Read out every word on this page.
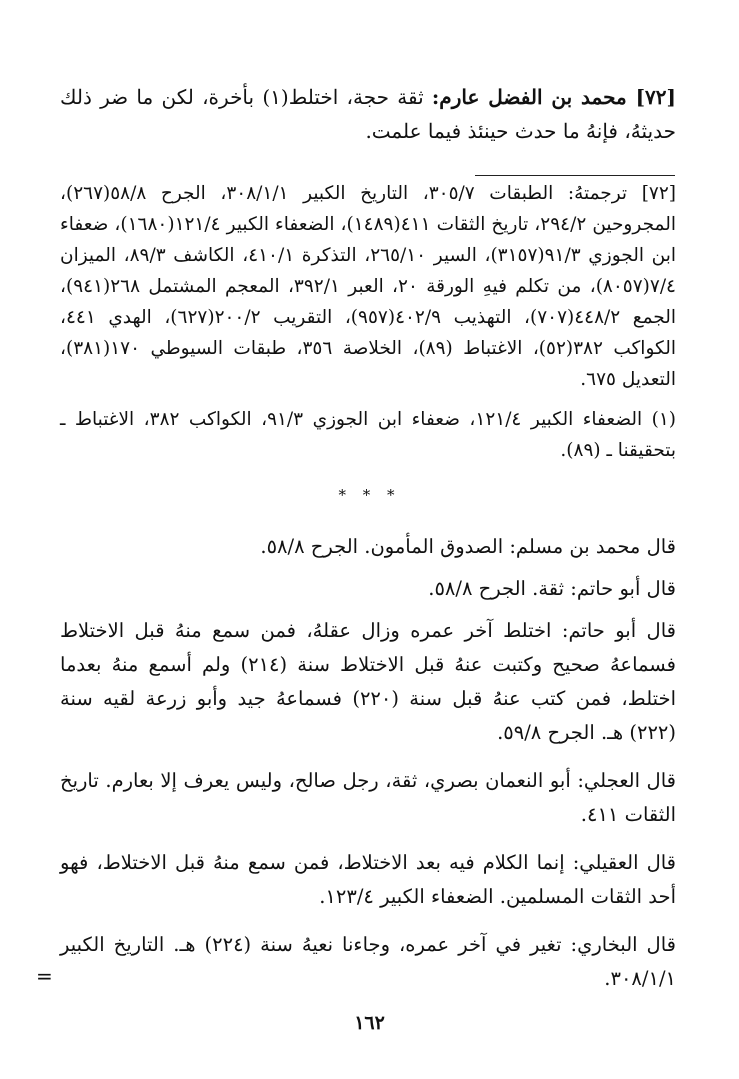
[٧٢] محمد بن الفضل عارم: ثقة حجة، اختلط(١) بأخرة، لكن ما ضر ذلك حديثهُ، فإنهُ ما حدث حينئذ فيما علمت.

[٧٢] ترجمتهُ: الطبقات ٣٠٥/٧، التاريخ الكبير ٣٠٨/١/١، الجرح ٥٨/٨(٢٦٧)، المجروحين ٢٩٤/٢، تاريخ الثقات ٤١١(١٤٨٩)، الضعفاء الكبير ١٢١/٤(١٦٨٠)، ضعفاء ابن الجوزي ٩١/٣(٣١٥٧)، السير ٢٦٥/١٠، التذكرة ٤١٠/١، الكاشف ٨٩/٣، الميزان ٧/٤(٨٠٥٧)، من تكلم فيهِ الورقة ٢٠، العبر ٣٩٢/١، المعجم المشتمل ٢٦٨(٩٤١)، الجمع ٤٤٨/٢(٧٠٧)، التهذيب ٤٠٢/٩(٩٥٧)، التقريب ٢٠٠/٢(٦٢٧)، الهدي ٤٤١، الكواكب ٣٨٢(٥٢)، الاغتباط (٨٩)، الخلاصة ٣٥٦، طبقات السيوطي ١٧٠(٣٨١)، التعديل ٦٧٥.

(١) الضعفاء الكبير ١٢١/٤، ضعفاء ابن الجوزي ٩١/٣، الكواكب ٣٨٢، الاغتباط ـ بتحقيقنا ـ (٨٩).

* * *

قال محمد بن مسلم: الصدوق المأمون. الجرح ٥٨/٨.

قال أبو حاتم: ثقة. الجرح ٥٨/٨.

قال أبو حاتم: اختلط آخر عمره وزال عقلهُ، فمن سمع منهُ قبل الاختلاط فسماعهُ صحيح وكتبت عنهُ قبل الاختلاط سنة (٢١٤) ولم أسمع منهُ بعدما اختلط، فمن كتب عنهُ قبل سنة (٢٢٠) فسماعهُ جيد وأبو زرعة لقيه سنة (٢٢٢) هـ. الجرح ٥٩/٨.

قال العجلي: أبو النعمان بصري، ثقة، رجل صالح، وليس يعرف إلا بعارم. تاريخ الثقات ٤١١.

قال العقيلي: إنما الكلام فيه بعد الاختلاط، فمن سمع منهُ قبل الاختلاط، فهو أحد الثقات المسلمين. الضعفاء الكبير ١٢٣/٤.

قال البخاري: تغير في آخر عمره، وجاءنا نعيهُ سنة (٢٢٤) هـ. التاريخ الكبير ٣٠٨/١/١.

=
١٦٢
